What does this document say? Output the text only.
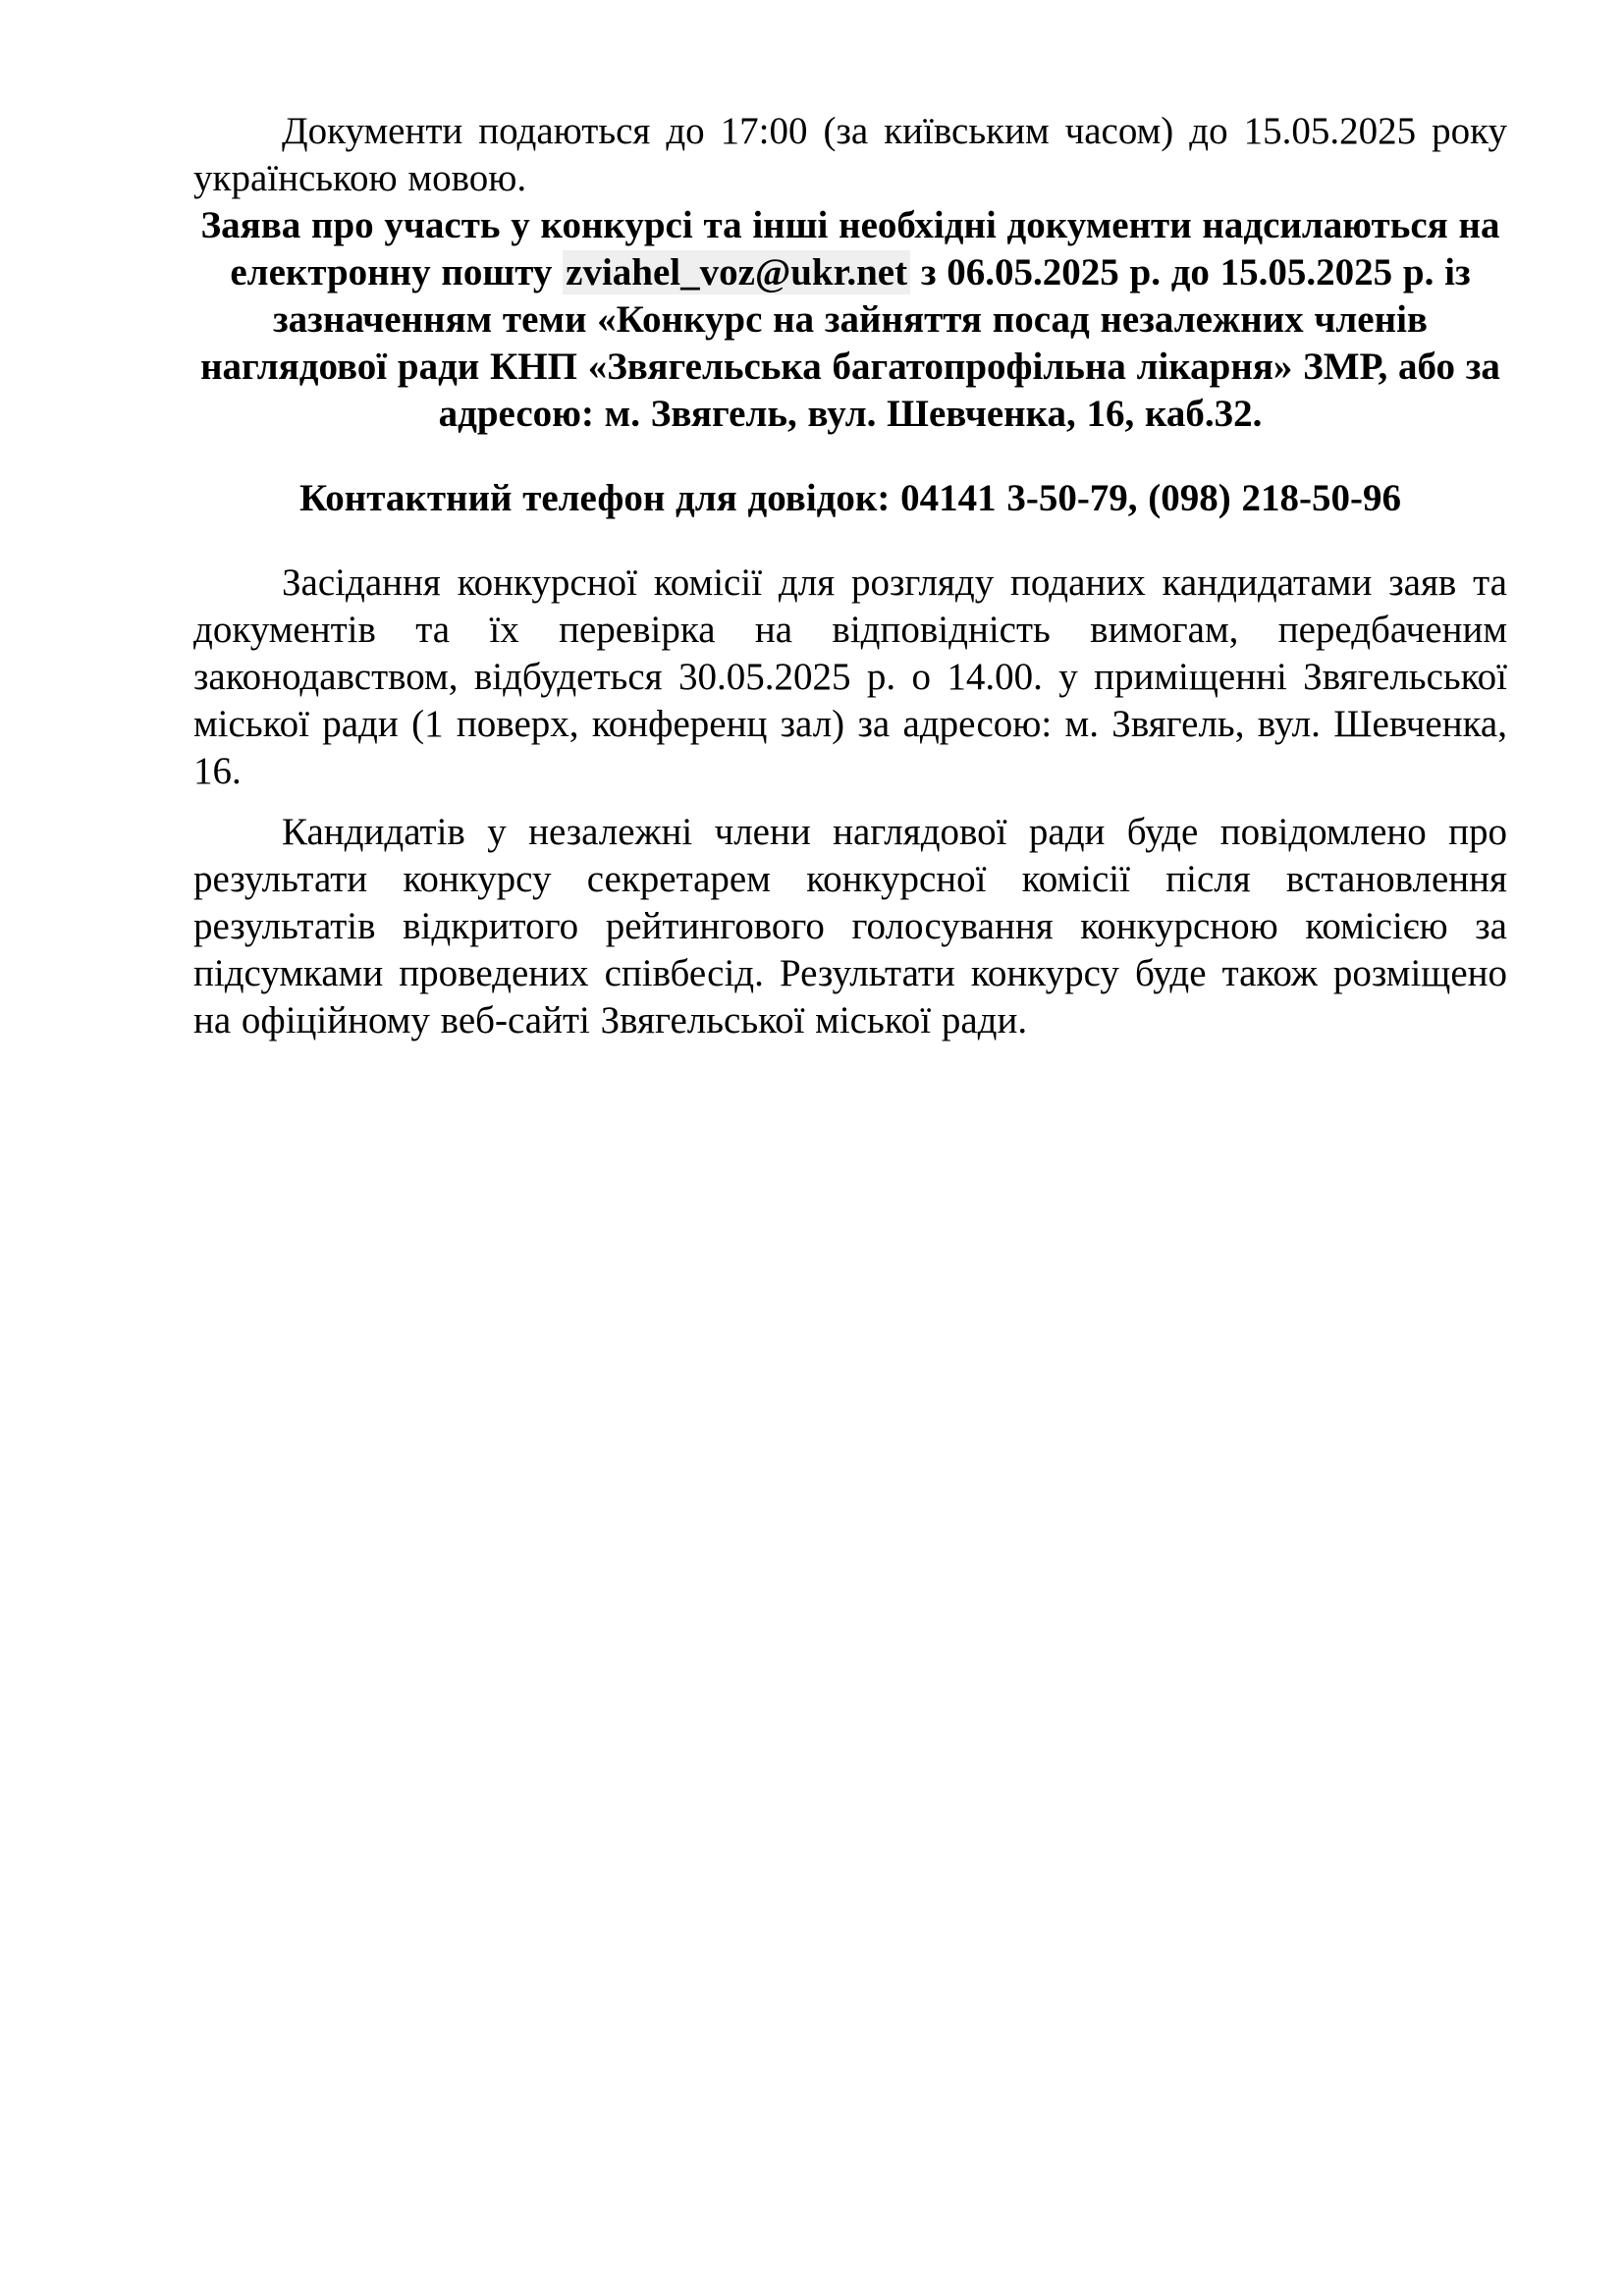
Документи подаються до 17:00 (за київським часом) до 15.05.2025 року українською мовою.

Заява про участь у конкурсі та інші необхідні документи надсилаються на електронну пошту zviahel_voz@ukr.net з 06.05.2025 р. до 15.05.2025 р. із зазначенням теми «Конкурс на зайняття посад незалежних членів наглядової ради КНП «Звягельська багатопрофільна лікарня» ЗМР, або за адресою: м. Звягель, вул. Шевченка, 16, каб.32.

Контактний телефон для довідок: 04141 3-50-79, (098) 218-50-96

Засідання конкурсної комісії для розгляду поданих кандидатами заяв та документів та їх перевірка на відповідність вимогам, передбаченим законодавством, відбудеться 30.05.2025 р. о 14.00. у приміщенні Звягельської міської ради (1 поверх, конференц зал) за адресою: м. Звягель, вул. Шевченка, 16.

Кандидатів у незалежні члени наглядової ради буде повідомлено про результати конкурсу секретарем конкурсної комісії після встановлення результатів відкритого рейтингового голосування конкурсною комісією за підсумками проведених співбесід. Результати конкурсу буде також розміщено на офіційному веб-сайті Звягельської міської ради.
